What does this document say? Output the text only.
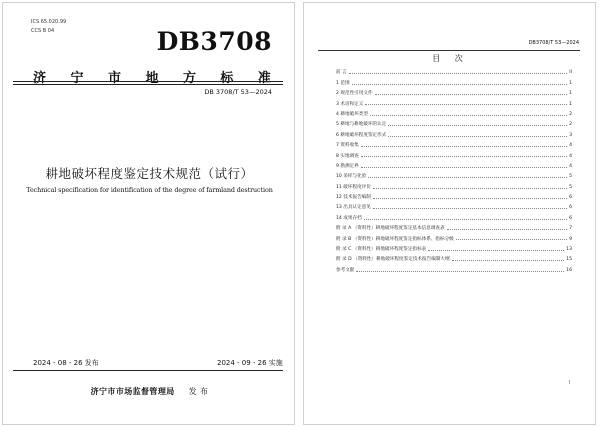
ICS 65.020.99
CCS B 04	DB3708
济 宁 市 地 方 标 准
DB 3708/T 53—2024
耕地破坏程度鉴定技术规范（试行）
Technical specification for identification of the degree of farmland destruction
2024 - 08 - 26 发布	2024 - 09 - 26 实施
济宁市市场监督管理局 发 布
DB3708/T 53—2024
目 次
前 言	II
1 范围	1
2 规范性引用文件	1
3 术语和定义	1
4 耕地破坏类型	2
5 耕地与耕地破坏的认定	2
6 耕地破坏程度鉴定形式	3
7 资料收集	4
8 实地调查	4
9 勘测定界	4
10 采样与化验	5
11 破坏程度评价	5
12 技术报告编制	6
13 出具认定意见	6
14 成果存档	6
附 录 A （资料性）耕地破坏程度鉴定基本信息调查表	7
附 录 B （资料性）耕地破坏程度鉴定指标体系、指标分级	9
附 录 C （资料性）耕地破坏程度鉴定指标表	13
附 录 D （资料性）耕地破坏程度鉴定技术报告编制大纲	15
参考文献	16
I
